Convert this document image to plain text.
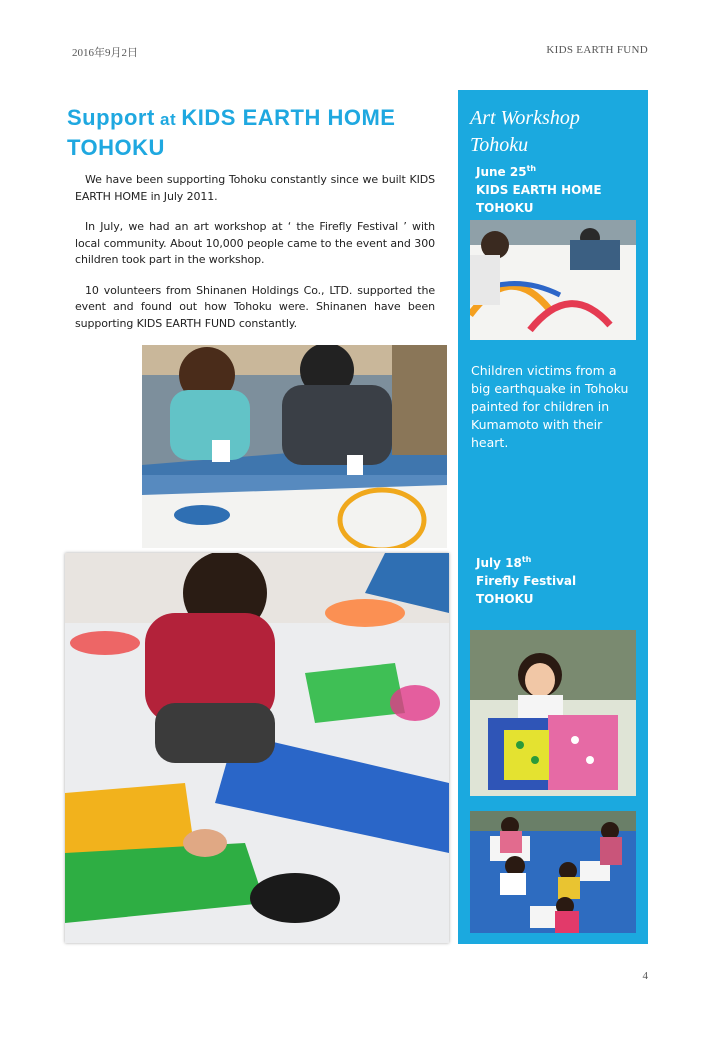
2016年9月2日	KIDS EARTH FUND
Support at KIDS EARTH HOME TOHOKU

We have been supporting Tohoku constantly since we built KIDS EARTH HOME in July 2011.

In July, we had an art workshop at ‘ the Firefly Festival ’ with local community. About 10,000 people came to the event and 300 children took part in the workshop.

10 volunteers from Shinanen Holdings Co., LTD. supported the event and found out how Tohoku were. Shinanen have been supporting KIDS EARTH FUND constantly.

Art Workshop
Tohoku
June 25th
KIDS EARTH HOME
TOHOKU
Children victims from a big earthquake in Tohoku painted for children in Kumamoto with their heart.
July 18th
Firefly Festival
TOHOKU
4
